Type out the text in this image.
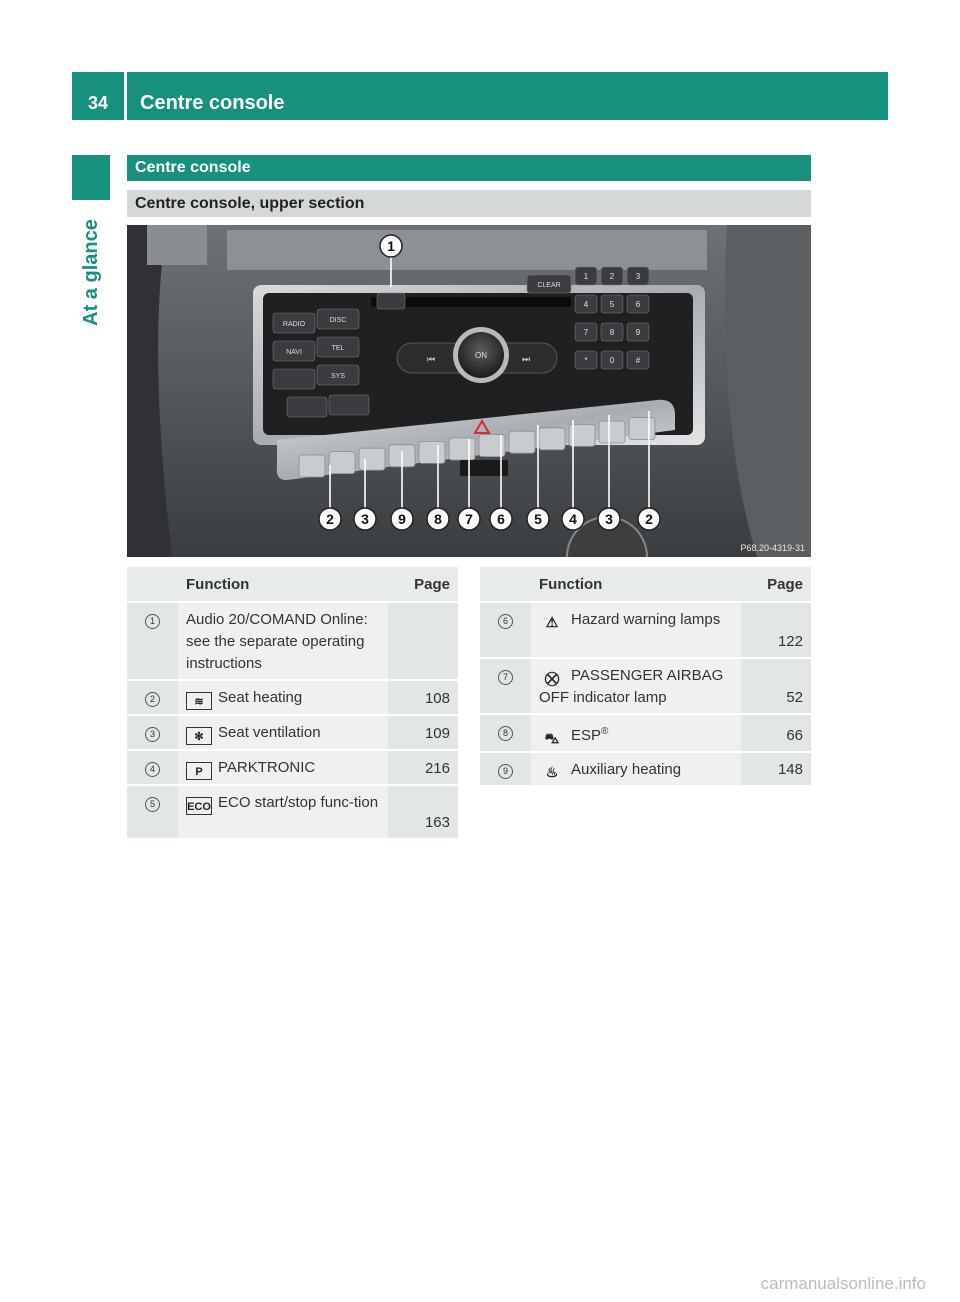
34	Centre console
At a glance
Centre console
Centre console, upper section
RADIO
DISC
NAVI
TEL
SYS
CLEAR
ON
⏮	⏭
1	2	3
4	5	6
7	8	9
*	0	#
1
2 3 9 8 7 6 5 4 3 2
P68.20-4319-31
	Function	Page
1	Audio 20/COMAND Online: see the separate operating instructions	
2	≋ Seat heating	108
3	✻ Seat ventilation	109
4	P PARKTRONIC	216
5	ECO ECO start/stop func-tion	163
	Function	Page
6	⚠ Hazard warning lamps	122
7	⛒ PASSENGER AIRBAG OFF indicator lamp	52
8	⛍ ESP®	66
9	♨ Auxiliary heating	148
carmanualsonline.info
